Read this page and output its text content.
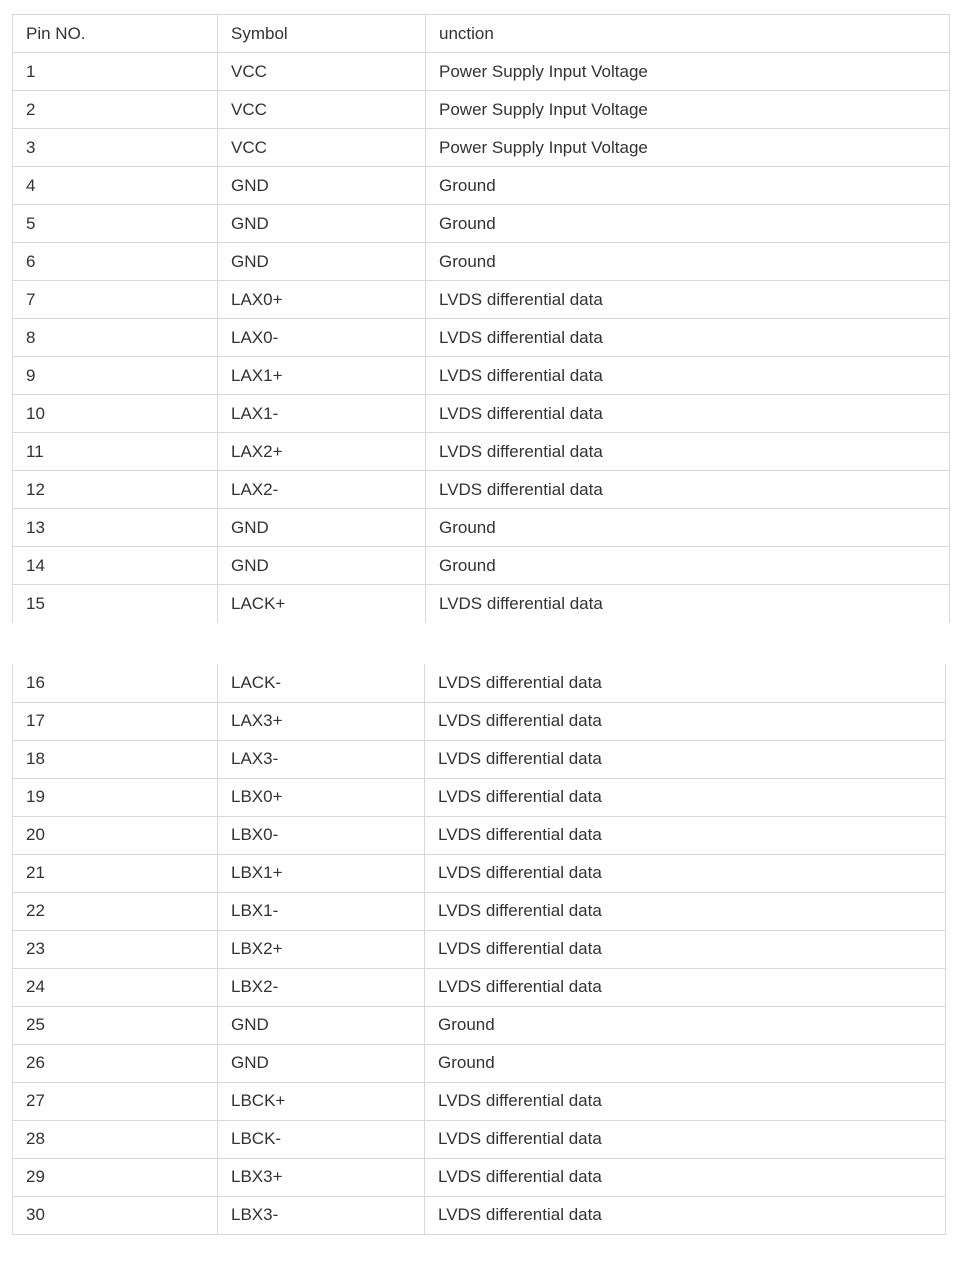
Pin NO.	Symbol	unction
1	VCC	Power Supply Input Voltage
2	VCC	Power Supply Input Voltage
3	VCC	Power Supply Input Voltage
4	GND	Ground
5	GND	Ground
6	GND	Ground
7	LAX0+	LVDS differential data
8	LAX0-	LVDS differential data
9	LAX1+	LVDS differential data
10	LAX1-	LVDS differential data
11	LAX2+	LVDS differential data
12	LAX2-	LVDS differential data
13	GND	Ground
14	GND	Ground
15	LACK+	LVDS differential data
16	LACK-	LVDS differential data
17	LAX3+	LVDS differential data
18	LAX3-	LVDS differential data
19	LBX0+	LVDS differential data
20	LBX0-	LVDS differential data
21	LBX1+	LVDS differential data
22	LBX1-	LVDS differential data
23	LBX2+	LVDS differential data
24	LBX2-	LVDS differential data
25	GND	Ground
26	GND	Ground
27	LBCK+	LVDS differential data
28	LBCK-	LVDS differential data
29	LBX3+	LVDS differential data
30	LBX3-	LVDS differential data
